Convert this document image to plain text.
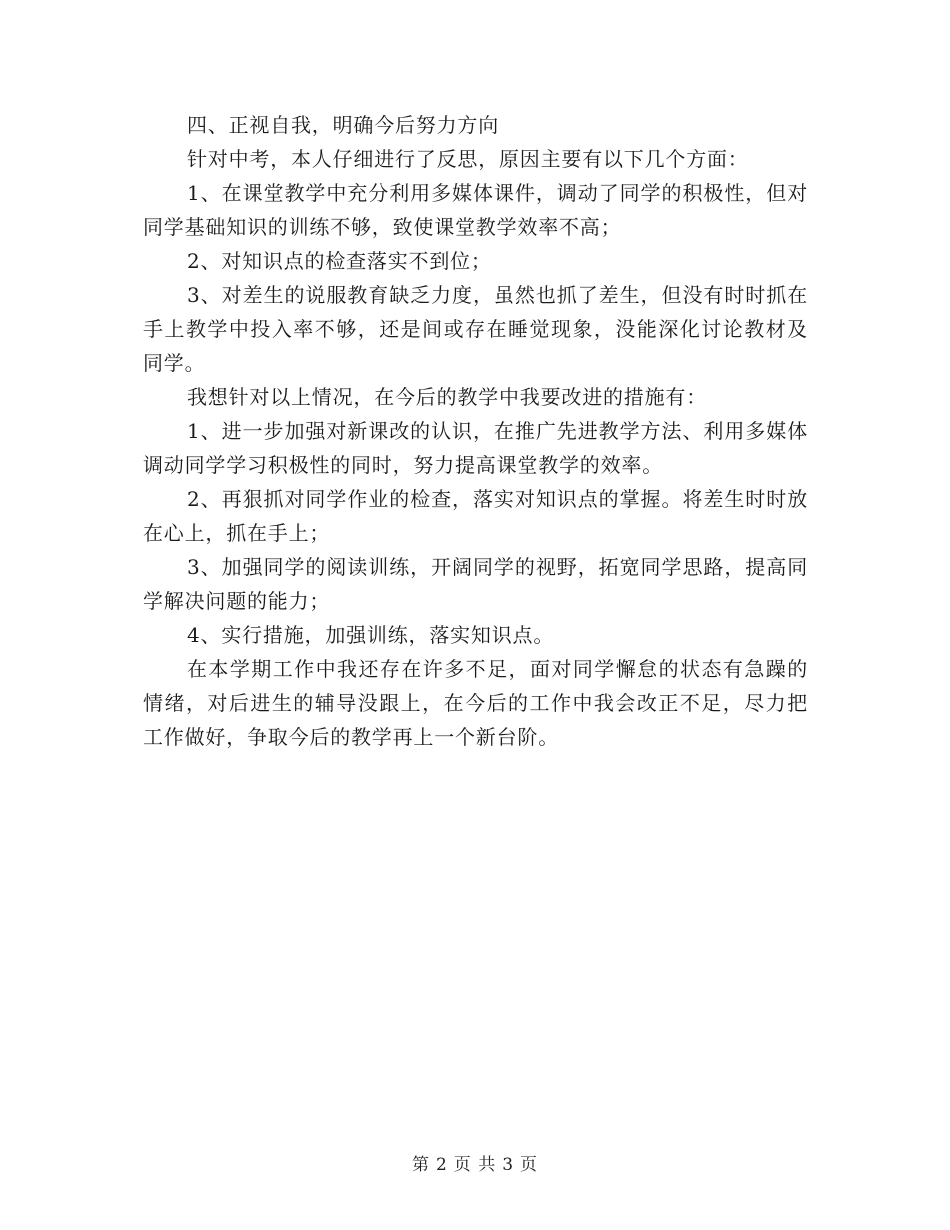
四、正视自我，明确今后努力方向

针对中考，本人仔细进行了反思，原因主要有以下几个方面：

1、在课堂教学中充分利用多媒体课件，调动了同学的积极性，但对同学基础知识的训练不够，致使课堂教学效率不高；

2、对知识点的检查落实不到位；

3、对差生的说服教育缺乏力度，虽然也抓了差生，但没有时时抓在手上教学中投入率不够，还是间或存在睡觉现象，没能深化讨论教材及同学。

我想针对以上情况，在今后的教学中我要改进的措施有：

1、进一步加强对新课改的认识，在推广先进教学方法、利用多媒体调动同学学习积极性的同时，努力提高课堂教学的效率。

2、再狠抓对同学作业的检查，落实对知识点的掌握。将差生时时放在心上，抓在手上；

3、加强同学的阅读训练，开阔同学的视野，拓宽同学思路，提高同学解决问题的能力；

4、实行措施，加强训练，落实知识点。

在本学期工作中我还存在许多不足，面对同学懈怠的状态有急躁的情绪，对后进生的辅导没跟上，在今后的工作中我会改正不足，尽力把工作做好，争取今后的教学再上一个新台阶。

第 2 页 共 3 页
